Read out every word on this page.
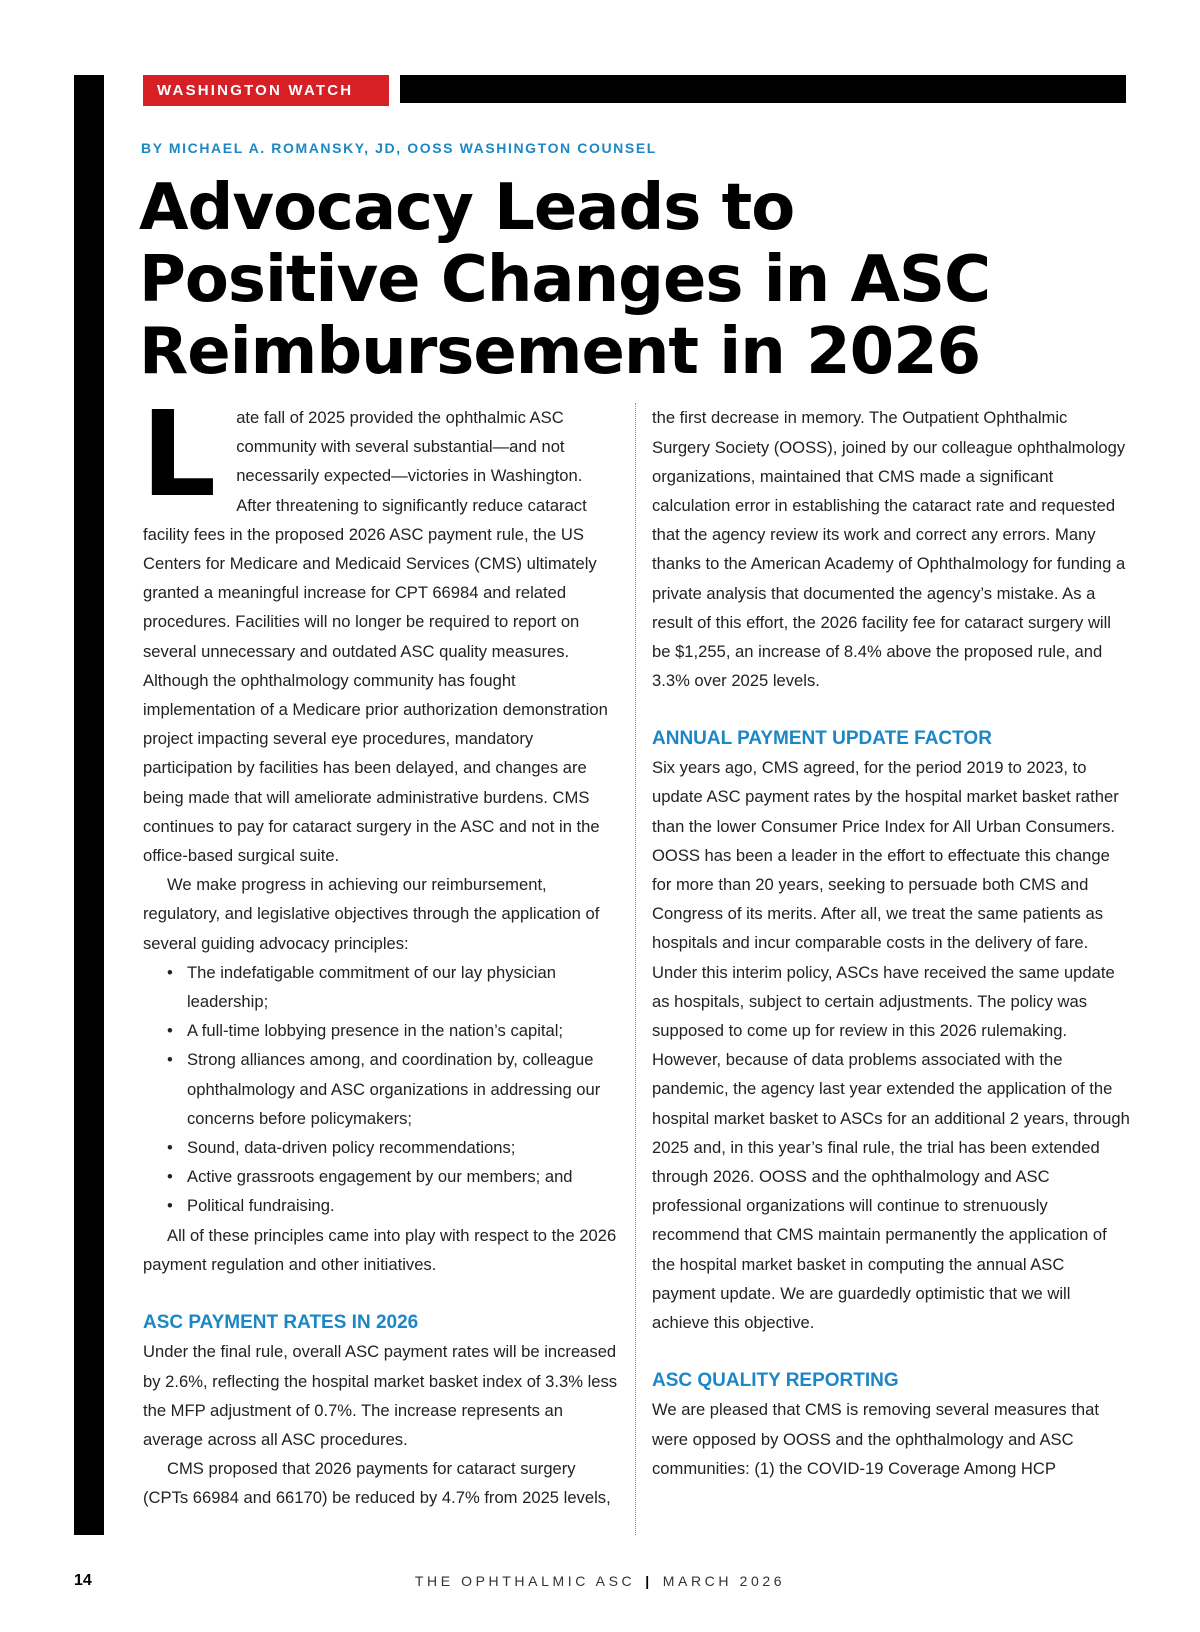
WASHINGTON WATCH
BY MICHAEL A. ROMANSKY, JD, OOSS WASHINGTON COUNSEL
Advocacy Leads to
Positive Changes in ASC
Reimbursement in 2026

L ate fall of 2025 provided the ophthalmic ASC community with several substantial—and not necessarily expected—victories in Washington. After threatening to significantly reduce cataract facility fees in the proposed 2026 ASC payment rule, the US Centers for Medicare and Medicaid Services (CMS) ultimately granted a meaningful increase for CPT 66984 and related procedures. Facilities will no longer be required to report on several unnecessary and outdated ASC quality measures. Although the ophthalmology community has fought implementation of a Medicare prior authorization demonstration project impacting several eye procedures, mandatory participation by facilities has been delayed, and changes are being made that will ameliorate administrative burdens. CMS continues to pay for cataract surgery in the ASC and not in the office-based surgical suite.

We make progress in achieving our reimbursement, regulatory, and legislative objectives through the application of several guiding advocacy principles:

• The indefatigable commitment of our lay physician leadership;
• A full-time lobbying presence in the nation’s capital;
• Strong alliances among, and coordination by, colleague ophthalmology and ASC organizations in addressing our concerns before policymakers;
• Sound, data-driven policy recommendations;
• Active grassroots engagement by our members; and
• Political fundraising.

All of these principles came into play with respect to the 2026 payment regulation and other initiatives.

ASC PAYMENT RATES IN 2026

Under the final rule, overall ASC payment rates will be increased by 2.6%, reflecting the hospital market basket index of 3.3% less the MFP adjustment of 0.7%. The increase represents an average across all ASC procedures.

CMS proposed that 2026 payments for cataract surgery (CPTs 66984 and 66170) be reduced by 4.7% from 2025 levels,

the first decrease in memory. The Outpatient Ophthalmic Surgery Society (OOSS), joined by our colleague ophthalmology organizations, maintained that CMS made a significant calculation error in establishing the cataract rate and requested that the agency review its work and correct any errors. Many thanks to the American Academy of Ophthalmology for funding a private analysis that documented the agency’s mistake. As a result of this effort, the 2026 facility fee for cataract surgery will be $1,255, an increase of 8.4% above the proposed rule, and 3.3% over 2025 levels.

ANNUAL PAYMENT UPDATE FACTOR

Six years ago, CMS agreed, for the period 2019 to 2023, to update ASC payment rates by the hospital market basket rather than the lower Consumer Price Index for All Urban Consumers. OOSS has been a leader in the effort to effectuate this change for more than 20 years, seeking to persuade both CMS and Congress of its merits. After all, we treat the same patients as hospitals and incur comparable costs in the delivery of fare. Under this interim policy, ASCs have received the same update as hospitals, subject to certain adjustments. The policy was supposed to come up for review in this 2026 rulemaking. However, because of data problems associated with the pandemic, the agency last year extended the application of the hospital market basket to ASCs for an additional 2 years, through 2025 and, in this year’s final rule, the trial has been extended through 2026. OOSS and the ophthalmology and ASC professional organizations will continue to strenuously recommend that CMS maintain permanently the application of the hospital market basket in computing the annual ASC payment update. We are guardedly optimistic that we will achieve this objective.

ASC QUALITY REPORTING

We are pleased that CMS is removing several measures that were opposed by OOSS and the ophthalmology and ASC communities: (1) the COVID-19 Coverage Among HCP

14	THE OPHTHALMIC ASC | MARCH 2026
